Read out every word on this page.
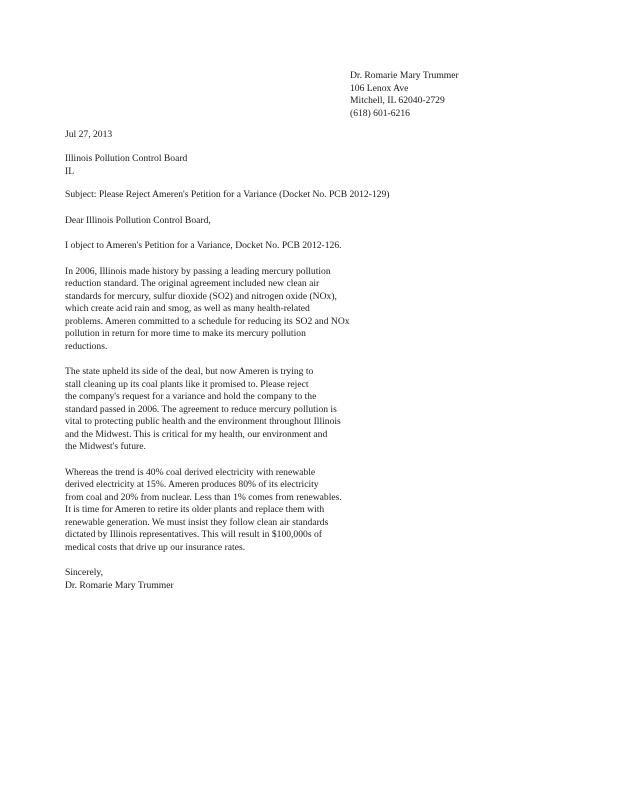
Dr. Romarie Mary Trummer
106 Lenox Ave
Mitchell, IL 62040-2729
(618) 601-6216
Jul 27, 2013
Illinois Pollution Control Board
IL

Subject: Please Reject Ameren's Petition for a Variance (Docket No. PCB 2012-129)

Dear Illinois Pollution Control Board,

I object to Ameren's Petition for a Variance, Docket No. PCB 2012-126.

In 2006, Illinois made history by passing a leading mercury pollution
reduction standard. The original agreement included new clean air
standards for mercury, sulfur dioxide (SO2) and nitrogen oxide (NOx),
which create acid rain and smog, as well as many health-related
problems. Ameren committed to a schedule for reducing its SO2 and NOx
pollution in return for more time to make its mercury pollution
reductions.

The state upheld its side of the deal, but now Ameren is trying to
stall cleaning up its coal plants like it promised to. Please reject
the company's request for a variance and hold the company to the
standard passed in 2006. The agreement to reduce mercury pollution is
vital to protecting public health and the environment throughout Illinois
and the Midwest. This is critical for my health, our environment and
the Midwest's future.

Whereas the trend is 40% coal derived electricity with renewable
derived electricity at 15%. Ameren produces 80% of its electricity
from coal and 20% from nuclear. Less than 1% comes from renewables.
It is time for Ameren to retire its older plants and replace them with
renewable generation. We must insist they follow clean air standards
dictated by Illinois representatives. This will result in $100,000s of
medical costs that drive up our insurance rates.

Sincerely,
Dr. Romarie Mary Trummer
